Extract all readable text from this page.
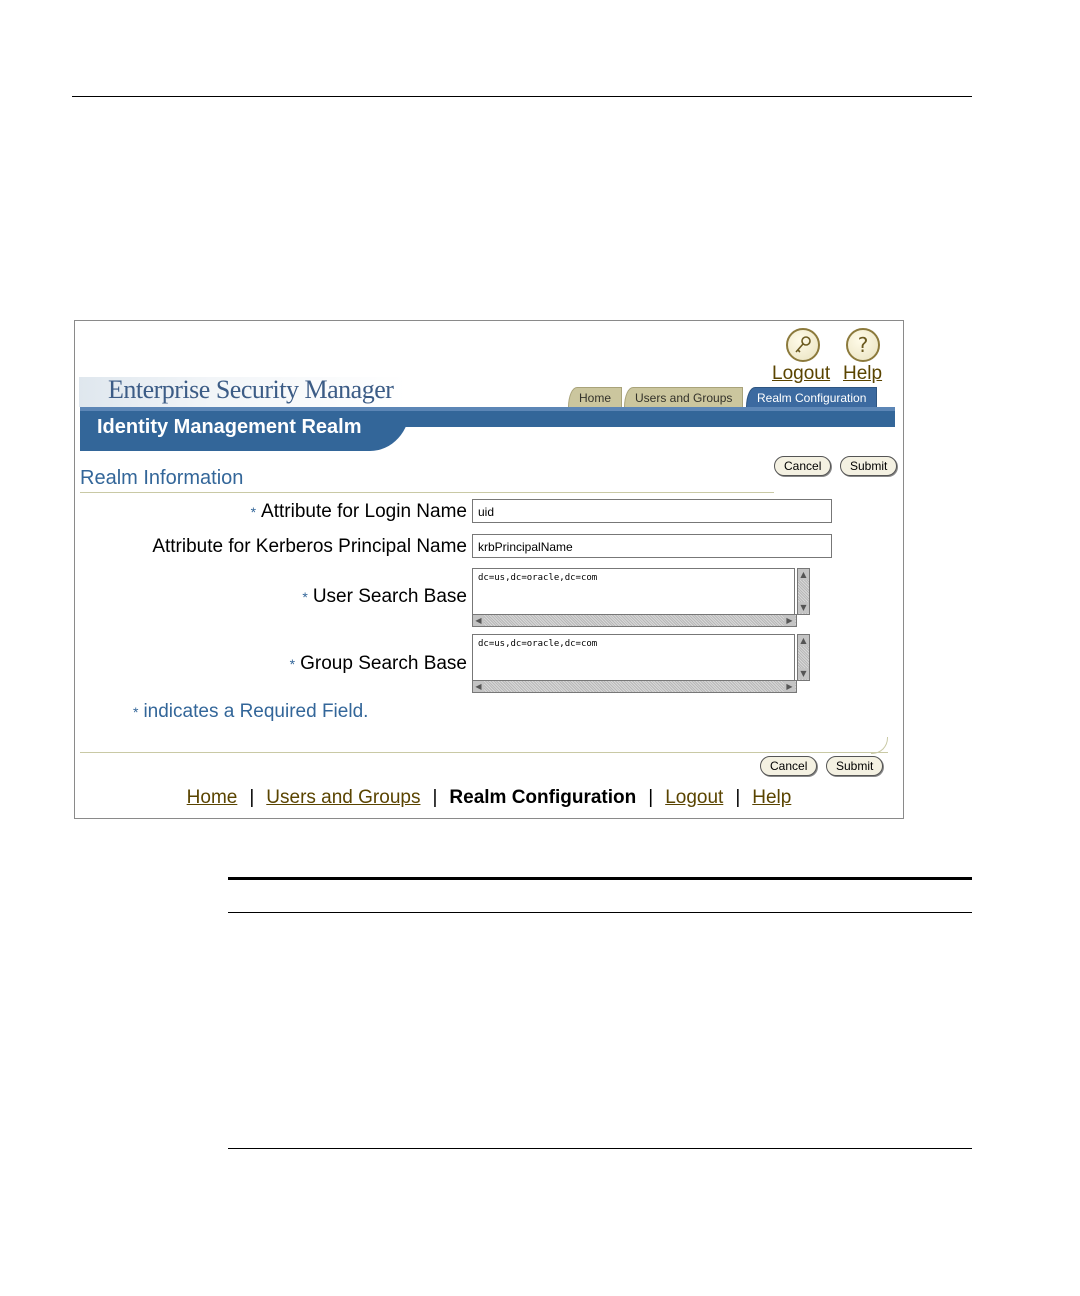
?
Logout Help
Enterprise Security Manager	Home	Users and Groups	Realm Configuration
Identity Management Realm
Cancel	Submit
Realm Information
* Attribute for Login Name uid
Attribute for Kerberos Principal Name krbPrincipalName
* User Search Base
dc=us,dc=oracle,dc=com	▲
▼
◀	▶
* Group Search Base
dc=us,dc=oracle,dc=com	▲
▼
◀	▶
* indicates a Required Field.
Cancel	Submit
Home | Users and Groups | Realm Configuration | Logout | Help
